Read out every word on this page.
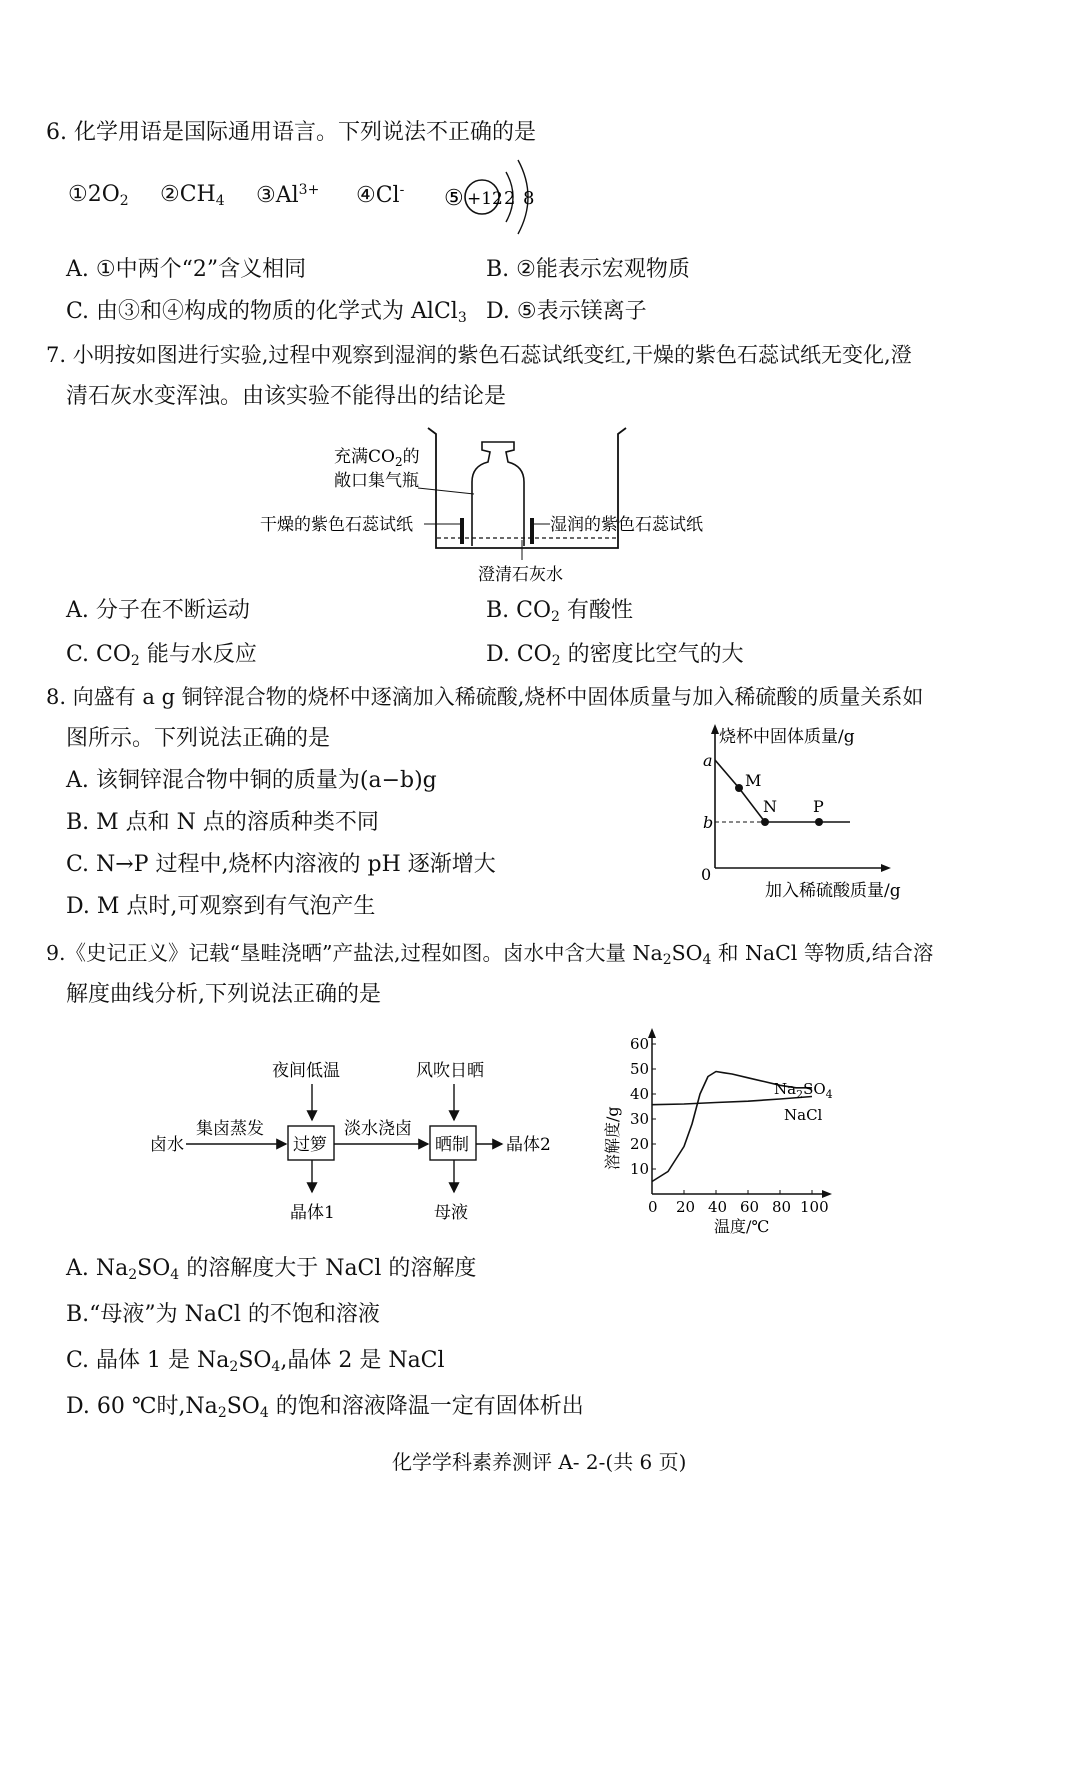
6. 化学用语是国际通用语言。下列说法不正确的是
$①2O_2$ $②CH_4$ $③Al^{3+}$ ④Cl- ⑤ +12 2 8
A. ①中两个“2”含义相同	B. ②能表示宏观物质
C. 由③和④构成的物质的化学式为 AlCl$_3$ D. ⑤表示镁离子
7. 小明按如图进行实验,过程中观察到湿润的紫色石蕊试纸变红,干燥的紫色石蕊试纸无变化,澄
清石灰水变浑浊。由该实验不能得出的结论是
充满$CO_2$的
敞口集气瓶
干燥的紫色石蕊试纸	湿润的紫色石蕊试纸
澄清石灰水
A. 分子在不断运动	B. $CO_2$ 有酸性
C. $CO_2$ 能与水反应	D. $CO_2$ 的密度比空气的大
8. 向盛有 a g 铜锌混合物的烧杯中逐滴加入稀硫酸,烧杯中固体质量与加入稀硫酸的质量关系如
图所示。下列说法正确的是
A. 该铜锌混合物中铜的质量为(a−b)g
B. M 点和 N 点的溶质种类不同
C. N→P 过程中,烧杯内溶液的 pH 逐渐增大
D. M 点时,可观察到有气泡产生
烧杯中固体质量/g
加入稀硫酸质量/g
a
b
0
M
N P
9.《史记正义》记载“垦畦浇晒”产盐法,过程如图。卤水中含大量 $Na_2SO_4$ 和 NaCl 等物质,结合溶
解度曲线分析,下列说法正确的是
夜间低温	风吹日晒
卤水
集卤蒸发
过箩
淡水浇卤
晒制 晶体2
晶体1	母液
10
20
30
40
50
60
0 20 40 60 80 100
$Na_2SO_4$
NaCl
温度/℃
溶解度/g
A. $Na_2SO_4$ 的溶解度大于 NaCl 的溶解度
B.“母液”为 NaCl 的不饱和溶液
C. 晶体 1 是 $Na_2SO_4$,晶体 2 是 NaCl
D. 60 ℃时$,Na_2SO_4$ 的饱和溶液降温一定有固体析出
化学学科素养测评 A- 2-(共 6 页)
